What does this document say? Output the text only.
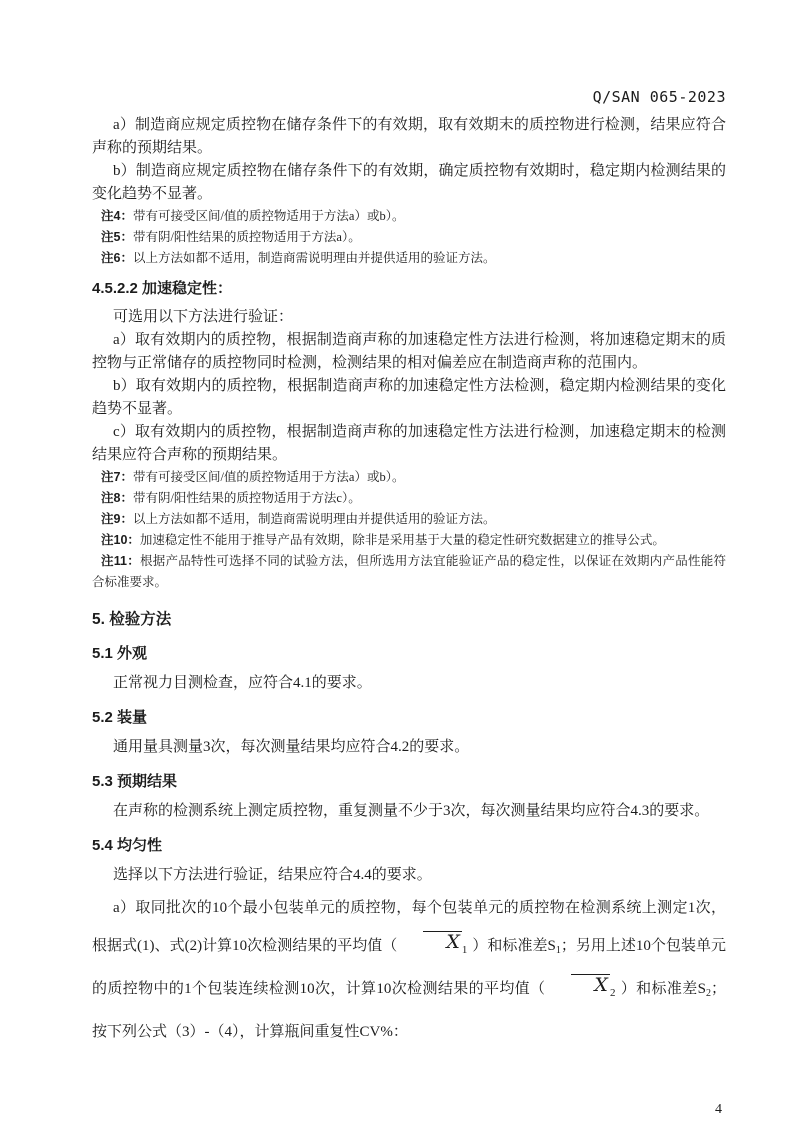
Q/SAN 065-2023

a）制造商应规定质控物在储存条件下的有效期，取有效期末的质控物进行检测，结果应符合声称的预期结果。

b）制造商应规定质控物在储存条件下的有效期，确定质控物有效期时，稳定期内检测结果的变化趋势不显著。

注4：带有可接受区间/值的质控物适用于方法a）或b）。

注5：带有阴/阳性结果的质控物适用于方法a）。

注6：以上方法如都不适用，制造商需说明理由并提供适用的验证方法。

4.5.2.2 加速稳定性：

可选用以下方法进行验证：

a）取有效期内的质控物，根据制造商声称的加速稳定性方法进行检测，将加速稳定期末的质控物与正常储存的质控物同时检测，检测结果的相对偏差应在制造商声称的范围内。

b）取有效期内的质控物，根据制造商声称的加速稳定性方法检测，稳定期内检测结果的变化趋势不显著。

c）取有效期内的质控物，根据制造商声称的加速稳定性方法进行检测，加速稳定期末的检测结果应符合声称的预期结果。

注7：带有可接受区间/值的质控物适用于方法a）或b）。

注8：带有阴/阳性结果的质控物适用于方法c）。

注9：以上方法如都不适用，制造商需说明理由并提供适用的验证方法。

注10：加速稳定性不能用于推导产品有效期，除非是采用基于大量的稳定性研究数据建立的推导公式。

注11：根据产品特性可选择不同的试验方法，但所选用方法宜能验证产品的稳定性，以保证在效期内产品性能符合标准要求。

5. 检验方法
5.1 外观

正常视力目测检查，应符合4.1的要求。

5.2 装量

通用量具测量3次，每次测量结果均应符合4.2的要求。

5.3 预期结果

在声称的检测系统上测定质控物，重复测量不少于3次，每次测量结果均应符合4.3的要求。

5.4 均匀性

选择以下方法进行验证，结果应符合4.4的要求。

a）取同批次的10个最小包装单元的质控物，每个包装单元的质控物在检测系统上测定1次，根据式(1)、式(2)计算10次检测结果的平均值（	X $_1$ ）和标准差$S_1$；另用上述10个包装单元的质控物中的1个包装连续检测10次，计算10次检测结果的平均值（	X $_2$ ）和标准差$S_2$；按下列公式（3）-（4），计算瓶间重复性CV%：

4
